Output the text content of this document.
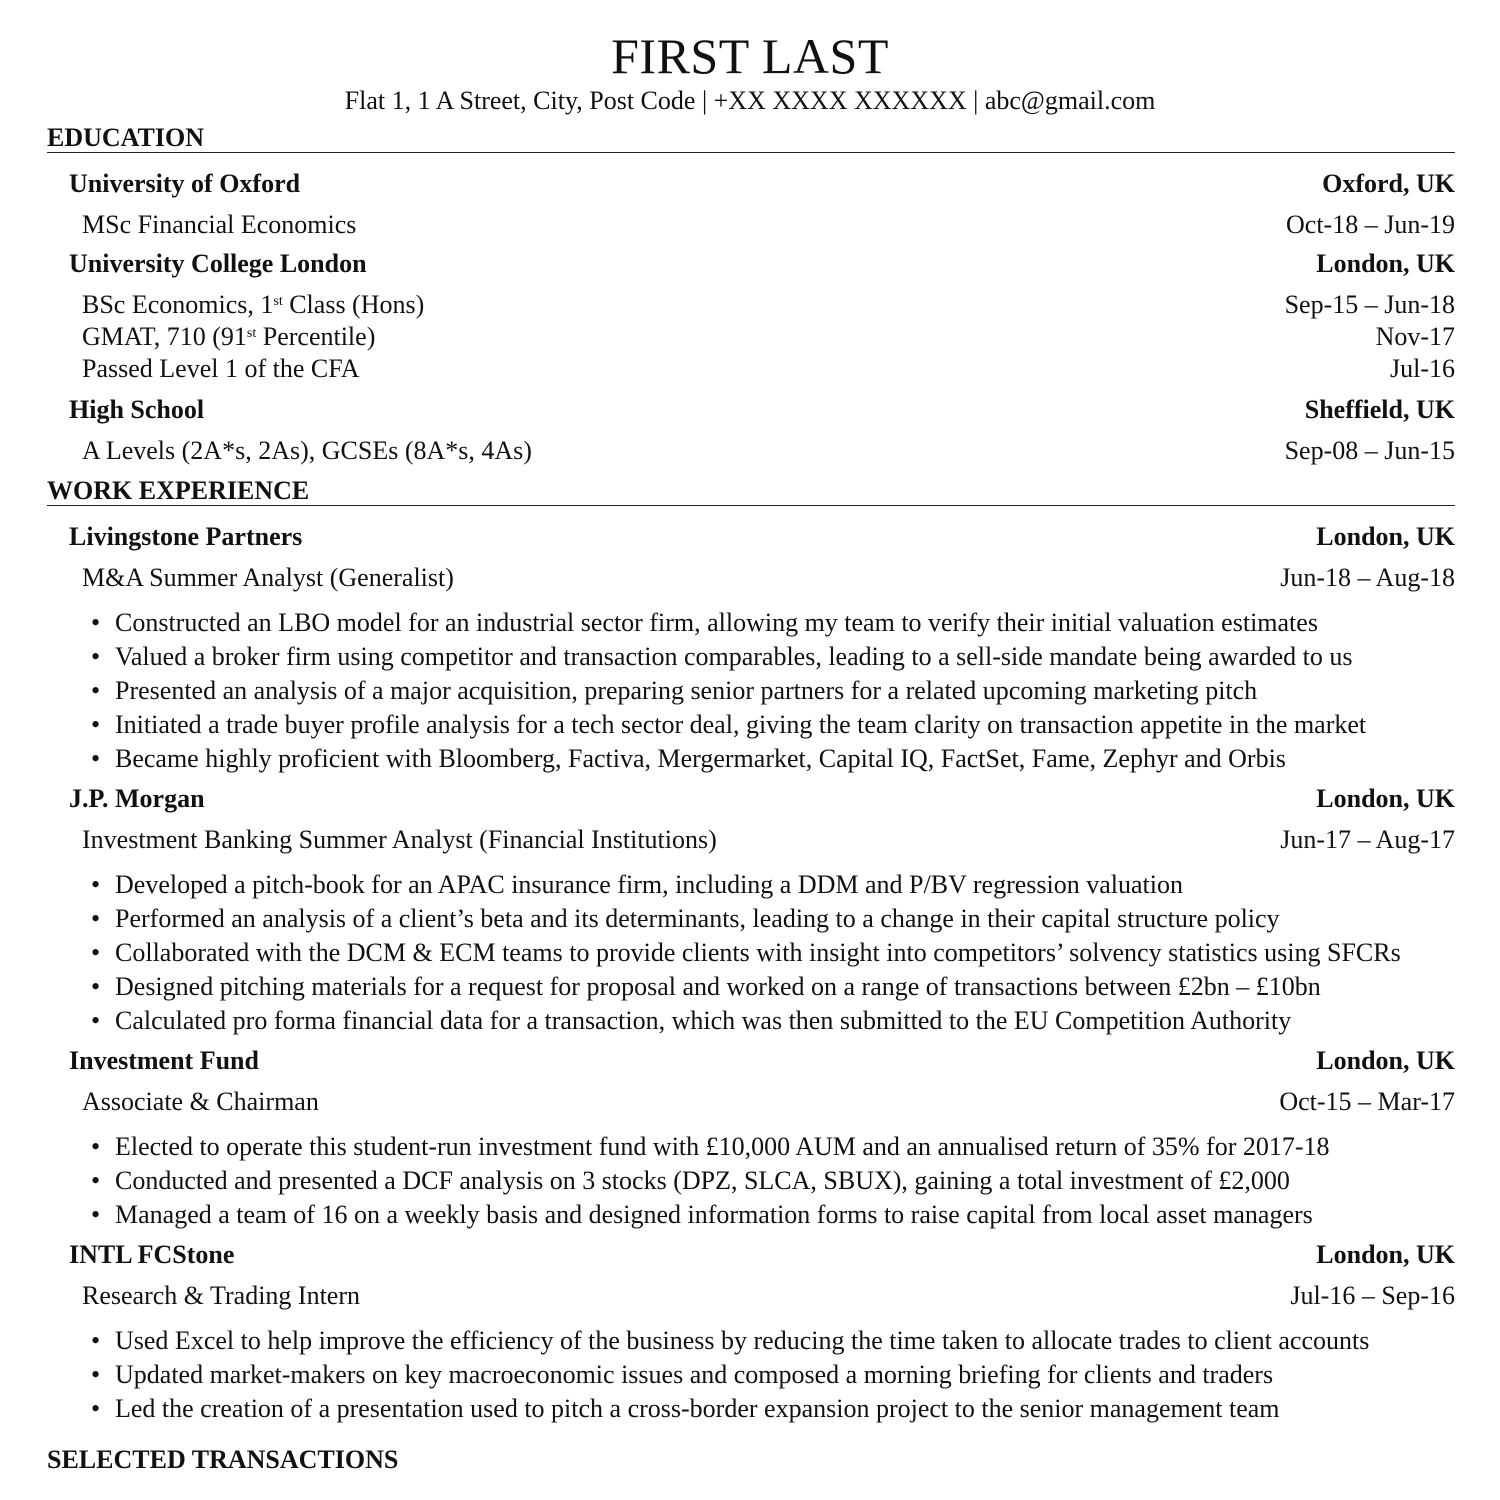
FIRST LAST
Flat 1, 1 A Street, City, Post Code | +XX XXXX XXXXXX | abc@gmail.com
EDUCATION
University of Oxford	Oxford, UK
MSc Financial Economics	Oct-18 – Jun-19
University College London	London, UK
BSc Economics, 1st Class (Hons)	Sep-15 – Jun-18
GMAT, 710 (91st Percentile)	Nov-17
Passed Level 1 of the CFA	Jul-16
High School	Sheffield, UK
A Levels (2A*s, 2As), GCSEs (8A*s, 4As)	Sep-08 – Jun-15
WORK EXPERIENCE
Livingstone Partners	London, UK
M&A Summer Analyst (Generalist)	Jun-18 – Aug-18
• Constructed an LBO model for an industrial sector firm, allowing my team to verify their initial valuation estimates
• Valued a broker firm using competitor and transaction comparables, leading to a sell-side mandate being awarded to us
• Presented an analysis of a major acquisition, preparing senior partners for a related upcoming marketing pitch
• Initiated a trade buyer profile analysis for a tech sector deal, giving the team clarity on transaction appetite in the market
• Became highly proficient with Bloomberg, Factiva, Mergermarket, Capital IQ, FactSet, Fame, Zephyr and Orbis
J.P. Morgan	London, UK
Investment Banking Summer Analyst (Financial Institutions)	Jun-17 – Aug-17
• Developed a pitch-book for an APAC insurance firm, including a DDM and P/BV regression valuation
• Performed an analysis of a client’s beta and its determinants, leading to a change in their capital structure policy
• Collaborated with the DCM & ECM teams to provide clients with insight into competitors’ solvency statistics using SFCRs
• Designed pitching materials for a request for proposal and worked on a range of transactions between £2bn – £10bn
• Calculated pro forma financial data for a transaction, which was then submitted to the EU Competition Authority
Investment Fund	London, UK
Associate & Chairman	Oct-15 – Mar-17
• Elected to operate this student-run investment fund with £10,000 AUM and an annualised return of 35% for 2017-18
• Conducted and presented a DCF analysis on 3 stocks (DPZ, SLCA, SBUX), gaining a total investment of £2,000
• Managed a team of 16 on a weekly basis and designed information forms to raise capital from local asset managers
INTL FCStone	London, UK
Research & Trading Intern	Jul-16 – Sep-16
• Used Excel to help improve the efficiency of the business by reducing the time taken to allocate trades to client accounts
• Updated market-makers on key macroeconomic issues and composed a morning briefing for clients and traders
• Led the creation of a presentation used to pitch a cross-border expansion project to the senior management team
SELECTED TRANSACTIONS
